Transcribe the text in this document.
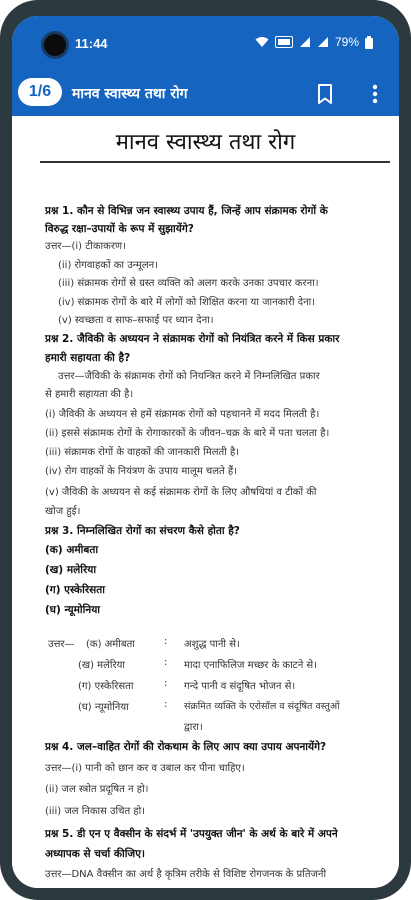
11:44	79%
1/6	मानव स्वास्थ्य तथा रोग
मानव स्वास्थ्य तथा रोग
प्रश्न 1. कौन से विभिन्न जन स्वास्थ्य उपाय हैं, जिन्हें आप संक्रामक रोगों के
विरुद्ध रक्षा–उपायों के रूप में सुझायेंगे?
उत्तर—(i) टीकाकरण।
(ii) रोगवाहकों का उन्मूलन।
(iii) संक्रामक रोगों से ग्रस्त व्यक्ति को अलग करके उनका उपचार करना।
(iv) संक्रामक रोगों के बारे में लोगों को शिक्षित करना या जानकारी देना।
(v) स्वच्छता व साफ–सफाई पर ध्यान देना।
प्रश्न 2. जैविकी के अध्ययन ने संक्रामक रोगों को नियंत्रित करने में किस प्रकार
हमारी सहायता की है?
उत्तर—जैविकी के संक्रामक रोगों को नियन्त्रित करने में निम्नलिखित प्रकार
से हमारी सहायता की है।
(i) जैविकी के अध्ययन से हमें संक्रामक रोगों को पहचानने में मदद मिलती है।
(ii) इससे संक्रामक रोगों के रोगाकारकों के जीवन–चक्र के बारे में पता चलता है।
(iii) संक्रामक रोगों के वाहकों की जानकारी मिलती है।
(iv) रोग वाहकों के नियंत्रण के उपाय मालूम चलते हैं।
(v) जैविकी के अध्ययन से कई संक्रामक रोगों के लिए औषधियां व टीकों की
खोज हुई।
प्रश्न 3. निम्नलिखित रोगों का संचरण कैसे होता है?
(क) अमीबता
(ख) मलेरिया
(ग) एस्केरिसता
(घ) न्यूमोनिया
उत्तर— (क) अमीबता	: अशुद्ध पानी से।
(ख) मलेरिया	: मादा एनाफिलिज मच्छर के काटने से।
(ग) एस्केरिसता	: गन्दे पानी व संदूषित भोजन से।
(घ) न्यूमोनिया	: संक्रमित व्यक्ति के एरोसॉल व संदूषित वस्तुओं
द्वारा।
प्रश्न 4. जल–वाहित रोगों की रोकथाम के लिए आप क्या उपाय अपनायेंगे?
उत्तर—(i) पानी को छान कर व उबाल कर पीना चाहिए।
(ii) जल स्त्रोत प्रदूषित न हो।
(iii) जल निकास उचित हो।
प्रश्न 5. डी एन ए वैक्सीन के संदर्भ में 'उपयुक्त जीन' के अर्थ के बारे में अपने
अध्यापक से चर्चा कीजिए।
उत्तर—DNA वैक्सीन का अर्थ है कृत्रिम तरीके से विशिष्ट रोगजनक के प्रतिजनी
